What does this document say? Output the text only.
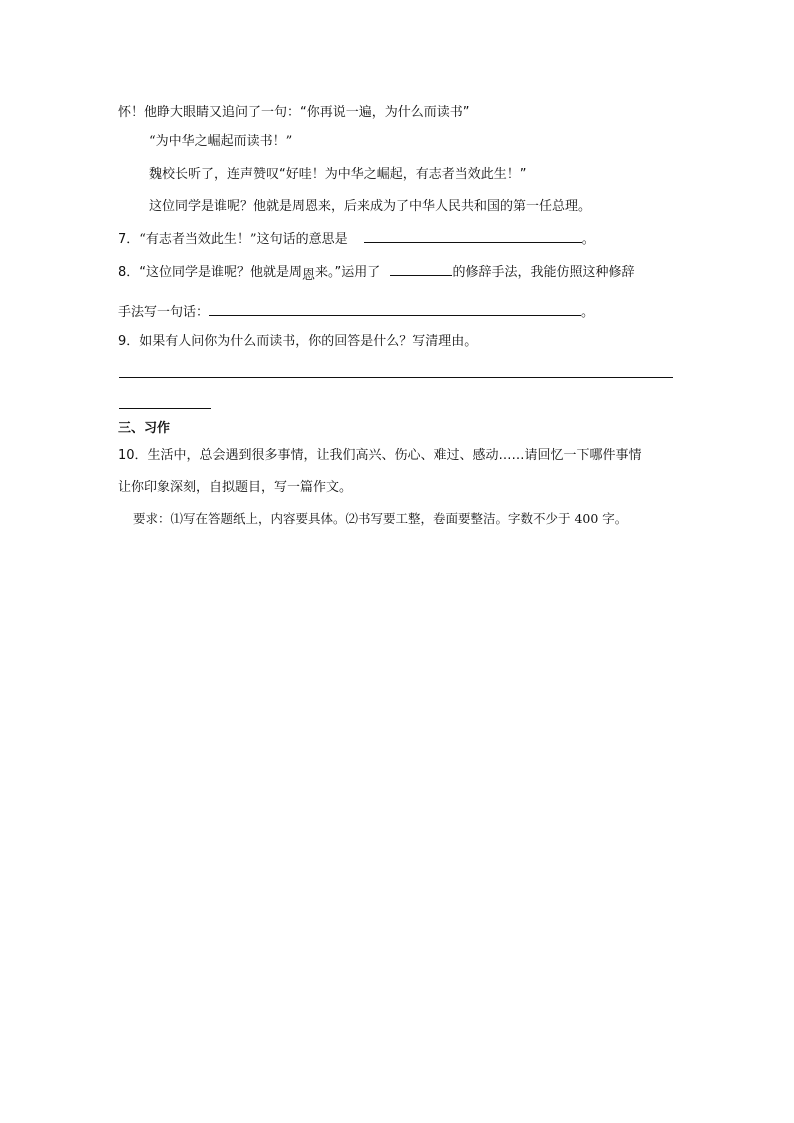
怀！他睁大眼睛又追问了一句：“你再说一遍，为什么而读书”
“为中华之崛起而读书！”
魏校长听了，连声赞叹“好哇！为中华之崛起，有志者当效此生！”
这位同学是谁呢？他就是周恩来，后来成为了中华人民共和国的第一任总理。
7．“有志者当效此生！”这句话的意思是	。
8．“这位同学是谁呢？他就是周恩来。”运用了	的修辞手法，我能仿照这种修辞
手法写一句话：	。
9．如果有人问你为什么而读书，你的回答是什么？写清理由。
三、习作
10．生活中，总会遇到很多事情，让我们高兴、伤心、难过、感动……请回忆一下哪件事情
让你印象深刻，自拟题目，写一篇作文。
要求：⑴写在答题纸上，内容要具体。⑵书写要工整，卷面要整洁。字数不少于 400 字。
